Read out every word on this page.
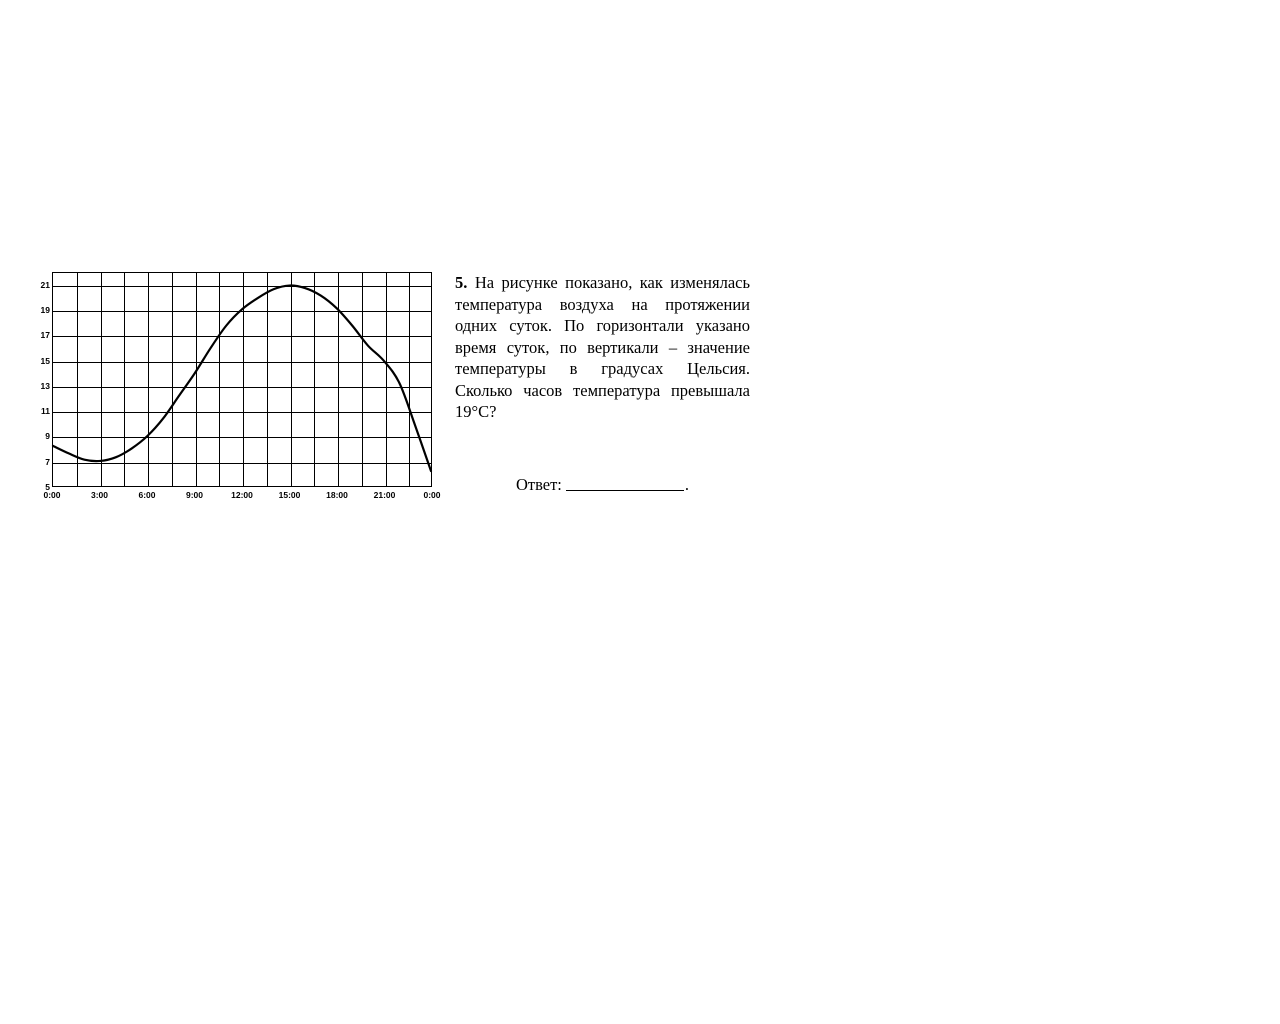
5
7
9
11
13
15
17
19
21
0:00	3:00	6:00	9:00	12:00	15:00	18:00	21:00	0:00
5. На рисунке показано, как изменялась температура воздуха на протяжении одних суток. По горизонтали указано время суток, по вертикали – значение температуры в градусах Цельсия. Сколько часов температура превышала 19°C?
Ответ:	.
